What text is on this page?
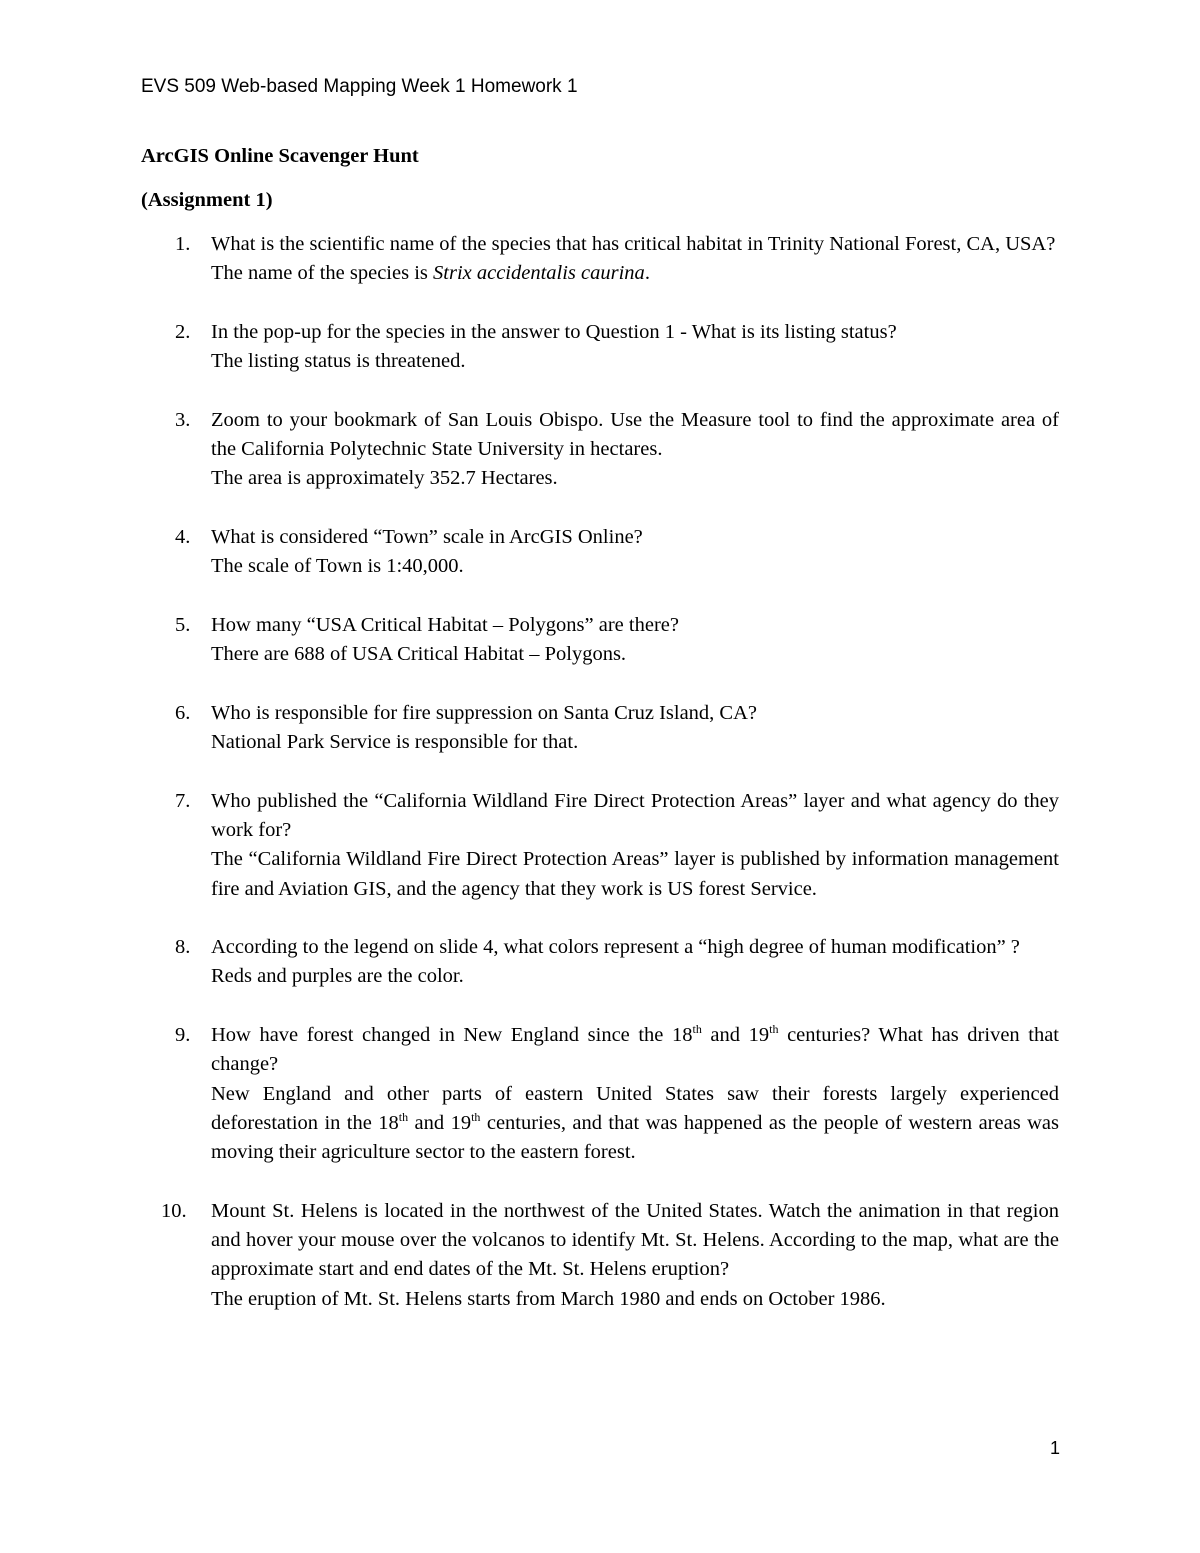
EVS 509 Web-based Mapping Week 1 Homework 1

ArcGIS Online Scavenger Hunt

(Assignment 1)

1. What is the scientific name of the species that has critical habitat in Trinity National Forest, CA, USA?
The name of the species is Strix accidentalis caurina.
2. In the pop-up for the species in the answer to Question 1 - What is its listing status?
The listing status is threatened.
3. Zoom to your bookmark of San Louis Obispo. Use the Measure tool to find the approximate area of the California Polytechnic State University in hectares.
The area is approximately 352.7 Hectares.
4. What is considered “Town” scale in ArcGIS Online?
The scale of Town is 1:40,000.
5. How many “USA Critical Habitat – Polygons” are there?
There are 688 of USA Critical Habitat – Polygons.
6. Who is responsible for fire suppression on Santa Cruz Island, CA?
National Park Service is responsible for that.
7. Who published the “California Wildland Fire Direct Protection Areas” layer and what agency do they work for?
The “California Wildland Fire Direct Protection Areas” layer is published by information management fire and Aviation GIS, and the agency that they work is US forest Service.
8. According to the legend on slide 4, what colors represent a “high degree of human modification” ?
Reds and purples are the color.
9. How have forest changed in New England since the 18th and 19th centuries? What has driven that change?
New England and other parts of eastern United States saw their forests largely experienced deforestation in the 18th and 19th centuries, and that was happened as the people of western areas was moving their agriculture sector to the eastern forest.
10. Mount St. Helens is located in the northwest of the United States. Watch the animation in that region and hover your mouse over the volcanos to identify Mt. St. Helens. According to the map, what are the approximate start and end dates of the Mt. St. Helens eruption?
The eruption of Mt. St. Helens starts from March 1980 and ends on October 1986.
1
